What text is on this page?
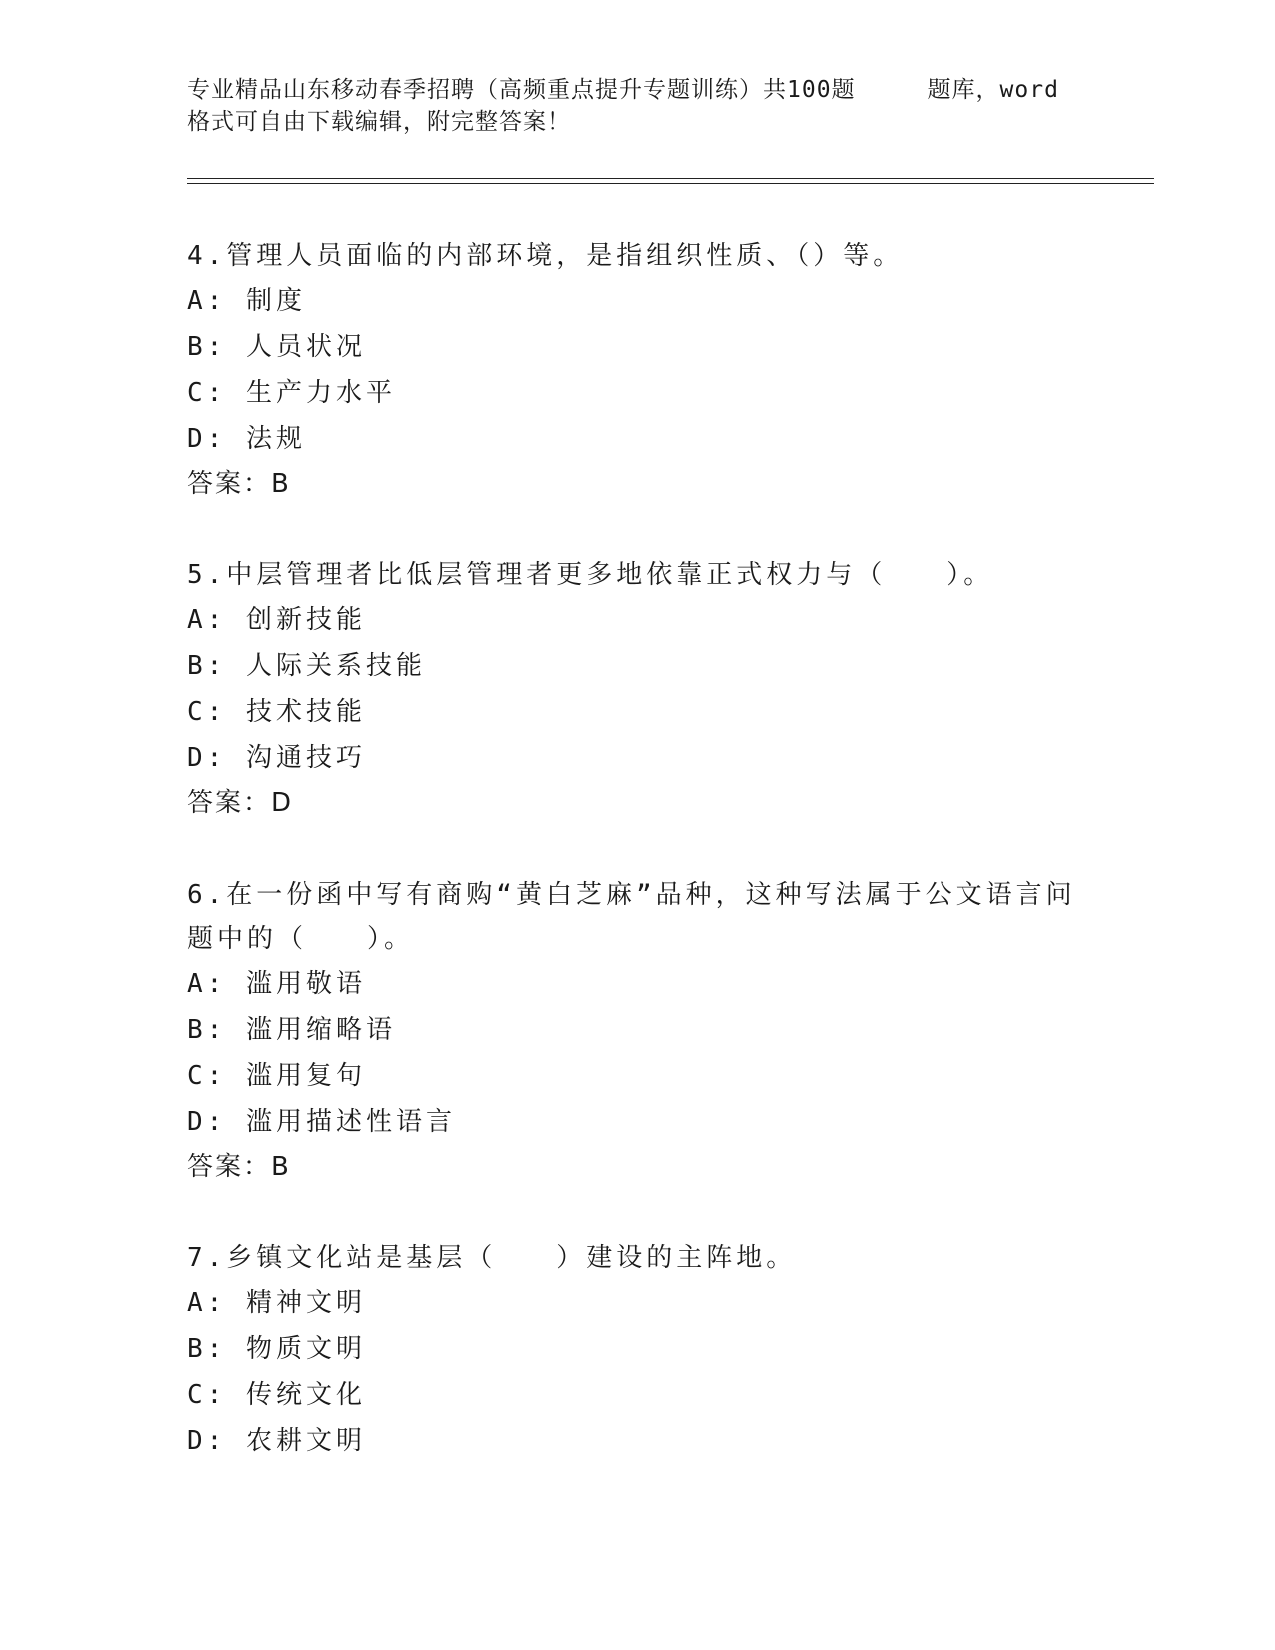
专业精品山东移动春季招聘（高频重点提升专题训练）共100题	题库，word
格式可自由下载编辑，附完整答案！

4.管理人员面临的内部环境，是指组织性质、（）等。

A: 制度

B: 人员状况

C: 生产力水平

D: 法规

答案：B

5.中层管理者比低层管理者更多地依靠正式权力与（　　）。

A: 创新技能

B: 人际关系技能

C: 技术技能

D: 沟通技巧

答案：D

6.在一份函中写有商购“黄白芝麻”品种，这种写法属于公文语言问

题中的（　　）。

A: 滥用敬语

B: 滥用缩略语

C: 滥用复句

D: 滥用描述性语言

答案：B

7.乡镇文化站是基层（　　）建设的主阵地。

A: 精神文明

B: 物质文明

C: 传统文化

D: 农耕文明
